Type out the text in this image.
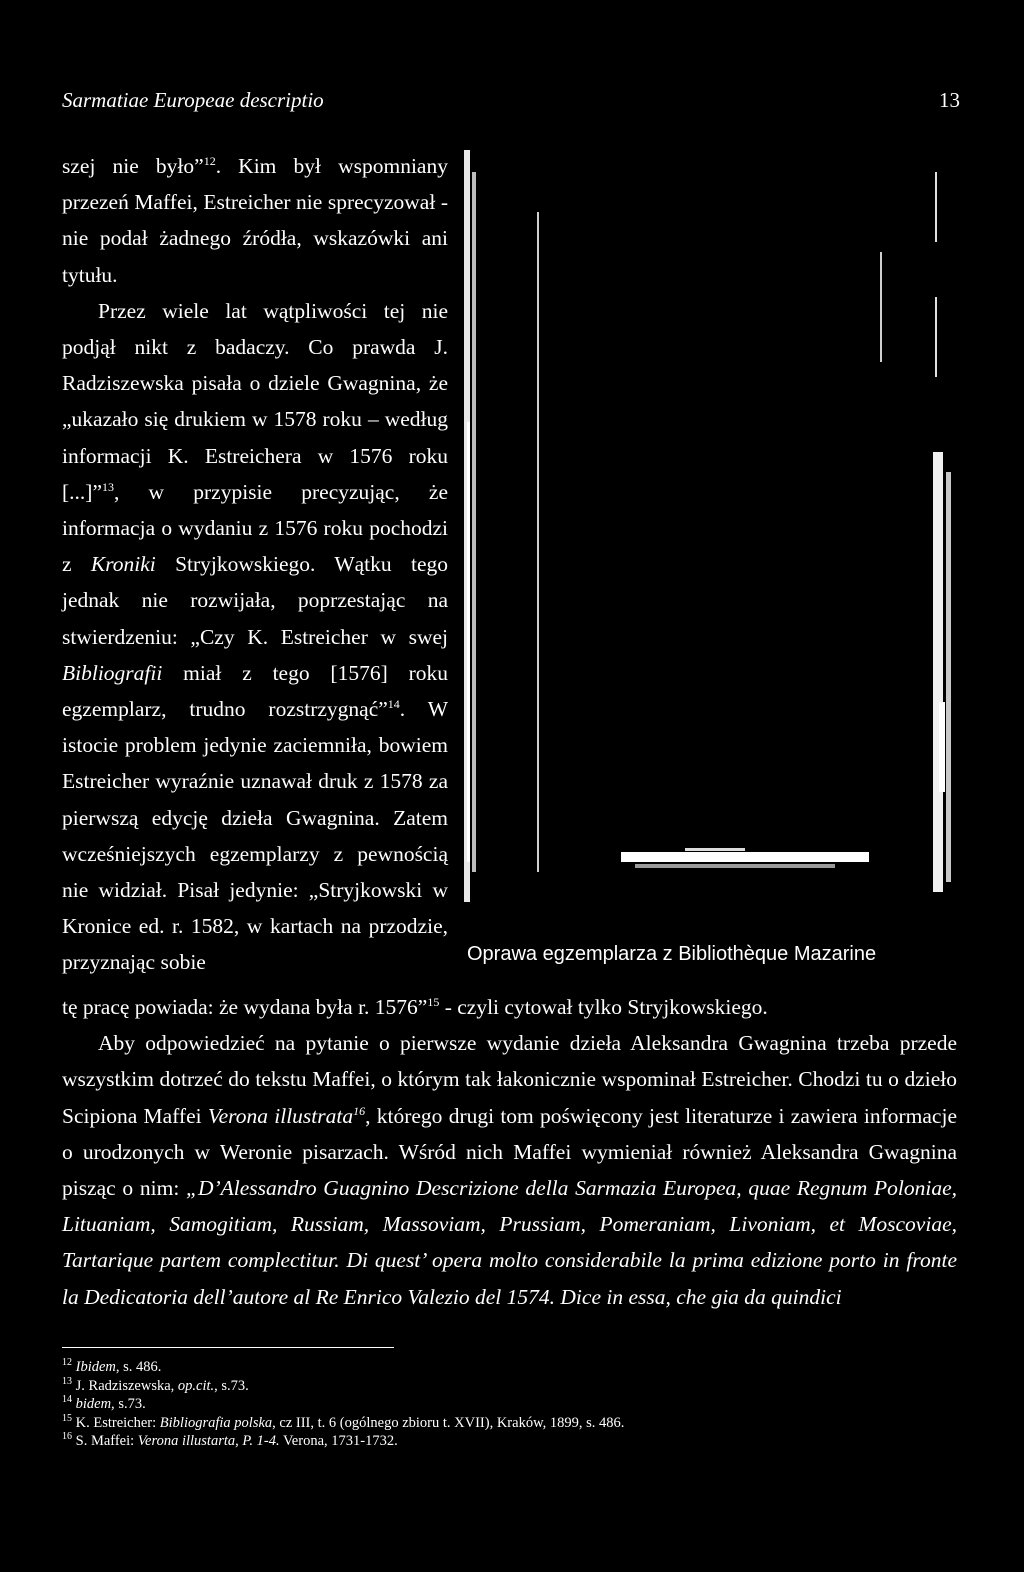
Sarmatiae Europeae descriptio	13

szej nie było”$^{12}$. Kim był wspomniany przezeń Maffei, Estreicher nie sprecyzował - nie podał żadnego źródła, wskazówki ani tytułu.

Przez wiele lat wątpliwości tej nie podjął nikt z badaczy. Co prawda J. Radziszewska pisała o dziele Gwagnina, że „ukazało się drukiem w 1578 roku – według informacji K. Estreichera w 1576 roku [...]”$^{13}$, w przypisie precyzując, że informacja o wydaniu z 1576 roku pochodzi z Kroniki Stryjkowskiego. Wątku tego jednak nie rozwijała, poprzestając na stwierdzeniu: „Czy K. Estreicher w swej Bibliografii miał z tego [1576] roku egzemplarz, trudno rozstrzygnąć”$^{14}$. W istocie problem jedynie zaciemniła, bowiem Estreicher wyraźnie uznawał druk z 1578 za pierwszą edycję dzieła Gwagnina. Zatem wcześniejszych egzemplarzy z pewnością nie widział. Pisał jedynie: „Stryjkowski w Kronice ed. r. 1582, w kartach na przodzie, przyznając sobie	Oprawa egzemplarza z Bibliothèque Mazarine

tę pracę powiada: że wydana była r. 1576”$^{15}$ - czyli cytował tylko Stryjkowskiego.

Aby odpowiedzieć na pytanie o pierwsze wydanie dzieła Aleksandra Gwagnina trzeba przede wszystkim dotrzeć do tekstu Maffei, o którym tak łakonicznie wspominał Estreicher. Chodzi tu o dzieło Scipiona Maffei Verona illustrata$^{16}$, którego drugi tom poświęcony jest literaturze i zawiera informacje o urodzonych w Weronie pisarzach. Wśród nich Maffei wymieniał również Aleksandra Gwagnina pisząc o nim: „D’Alessandro Guagnino Descrizione della Sarmazia Europea, quae Regnum Poloniae, Lituaniam, Samogitiam, Russiam, Massoviam, Prussiam, Pomeraniam, Livoniam, et Moscoviae, Tartarique partem complectitur. Di quest’ opera molto considerabile la prima edizione porto in fronte la Dedicatoria dell’autore al Re Enrico Valezio del 1574. Dice in essa, che gia da quindici

$^{12}$ Ibidem, s. 486.
$^{13}$ J. Radziszewska, op.cit., s.73.
$^{14}$ bidem, s.73.
$^{15}$ K. Estreicher: Bibliografia polska, cz III, t. 6 (ogólnego zbioru t. XVII), Kraków, 1899, s. 486.
$^{16}$ S. Maffei: Verona illustarta, P. 1-4. Verona, 1731-1732.
